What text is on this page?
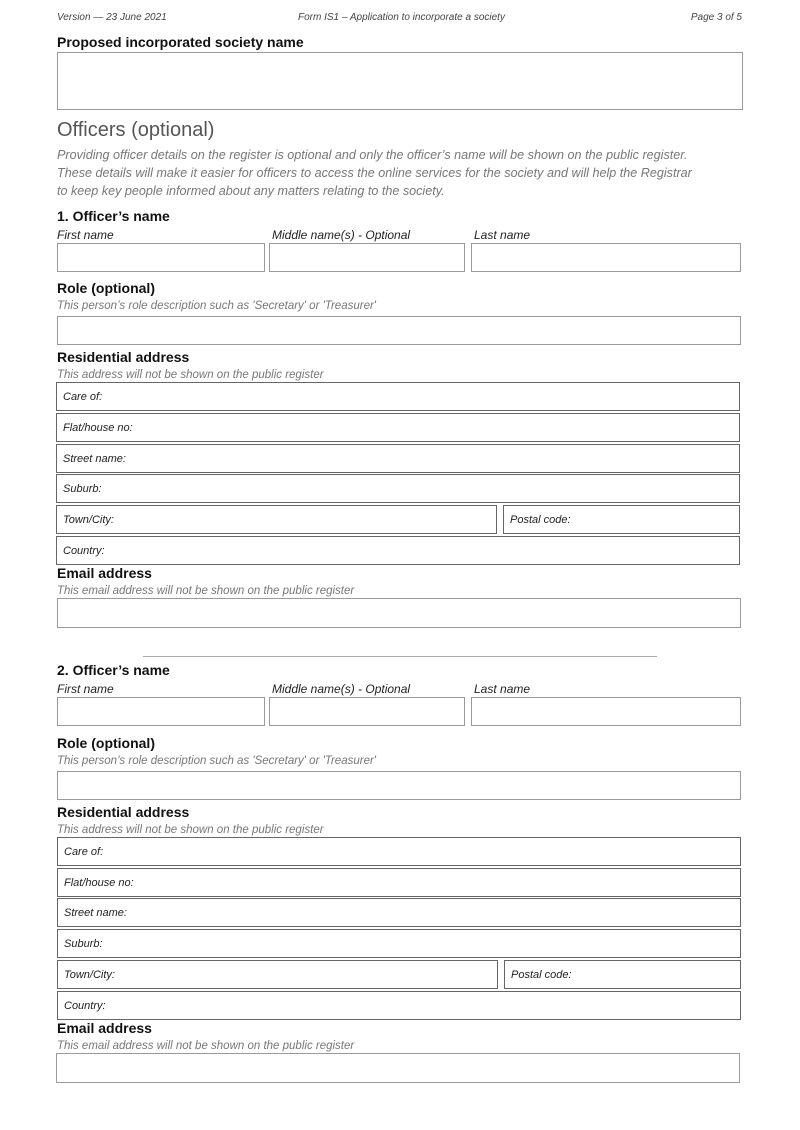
Version — 23 June 2021	Form IS1 – Application to incorporate a society	Page 3 of 5
Proposed incorporated society name
Officers (optional)
Providing officer details on the register is optional and only the officer’s name will be shown on the public register.
These details will make it easier for officers to access the online services for the society and will help the Registrar
to keep key people informed about any matters relating to the society.
1. Officer’s name
First name	Middle name(s) - Optional	Last name
Role (optional)
This person’s role description such as 'Secretary' or 'Treasurer'
Residential address
This address will not be shown on the public register
Care of:
Flat/house no:
Street name:
Suburb:
Town/City:	Postal code:
Country:
Email address
This email address will not be shown on the public register
2. Officer’s name
First name	Middle name(s) - Optional	Last name
Role (optional)
This person’s role description such as 'Secretary' or 'Treasurer'
Residential address
This address will not be shown on the public register
Care of:
Flat/house no:
Street name:
Suburb:
Town/City:	Postal code:
Country:
Email address
This email address will not be shown on the public register
